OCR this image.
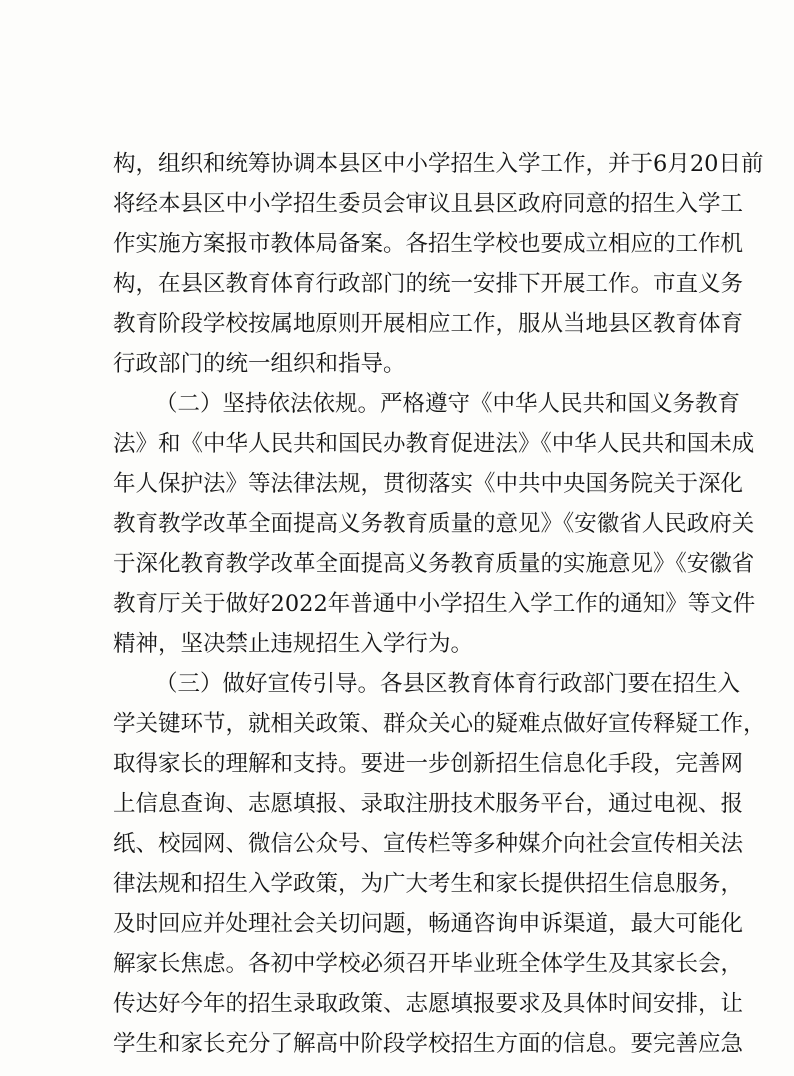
构，组织和统筹协调本县区中小学招生入学工作，并于6月20日前
将经本县区中小学招生委员会审议且县区政府同意的招生入学工
作实施方案报市教体局备案。各招生学校也要成立相应的工作机
构，在县区教育体育行政部门的统一安排下开展工作。市直义务
教育阶段学校按属地原则开展相应工作，服从当地县区教育体育
行政部门的统一组织和指导。
（二）坚持依法依规。严格遵守《中华人民共和国义务教育
法》和《中华人民共和国民办教育促进法》《中华人民共和国未成
年人保护法》等法律法规，贯彻落实《中共中央国务院关于深化
教育教学改革全面提高义务教育质量的意见》《安徽省人民政府关
于深化教育教学改革全面提高义务教育质量的实施意见》《安徽省
教育厅关于做好2022年普通中小学招生入学工作的通知》等文件
精神，坚决禁止违规招生入学行为。
（三）做好宣传引导。各县区教育体育行政部门要在招生入
学关键环节，就相关政策、群众关心的疑难点做好宣传释疑工作，
取得家长的理解和支持。要进一步创新招生信息化手段，完善网
上信息查询、志愿填报、录取注册技术服务平台，通过电视、报
纸、校园网、微信公众号、宣传栏等多种媒介向社会宣传相关法
律法规和招生入学政策，为广大考生和家长提供招生信息服务，
及时回应并处理社会关切问题，畅通咨询申诉渠道，最大可能化
解家长焦虑。各初中学校必须召开毕业班全体学生及其家长会，
传达好今年的招生录取政策、志愿填报要求及具体时间安排，让
学生和家长充分了解高中阶段学校招生方面的信息。要完善应急
